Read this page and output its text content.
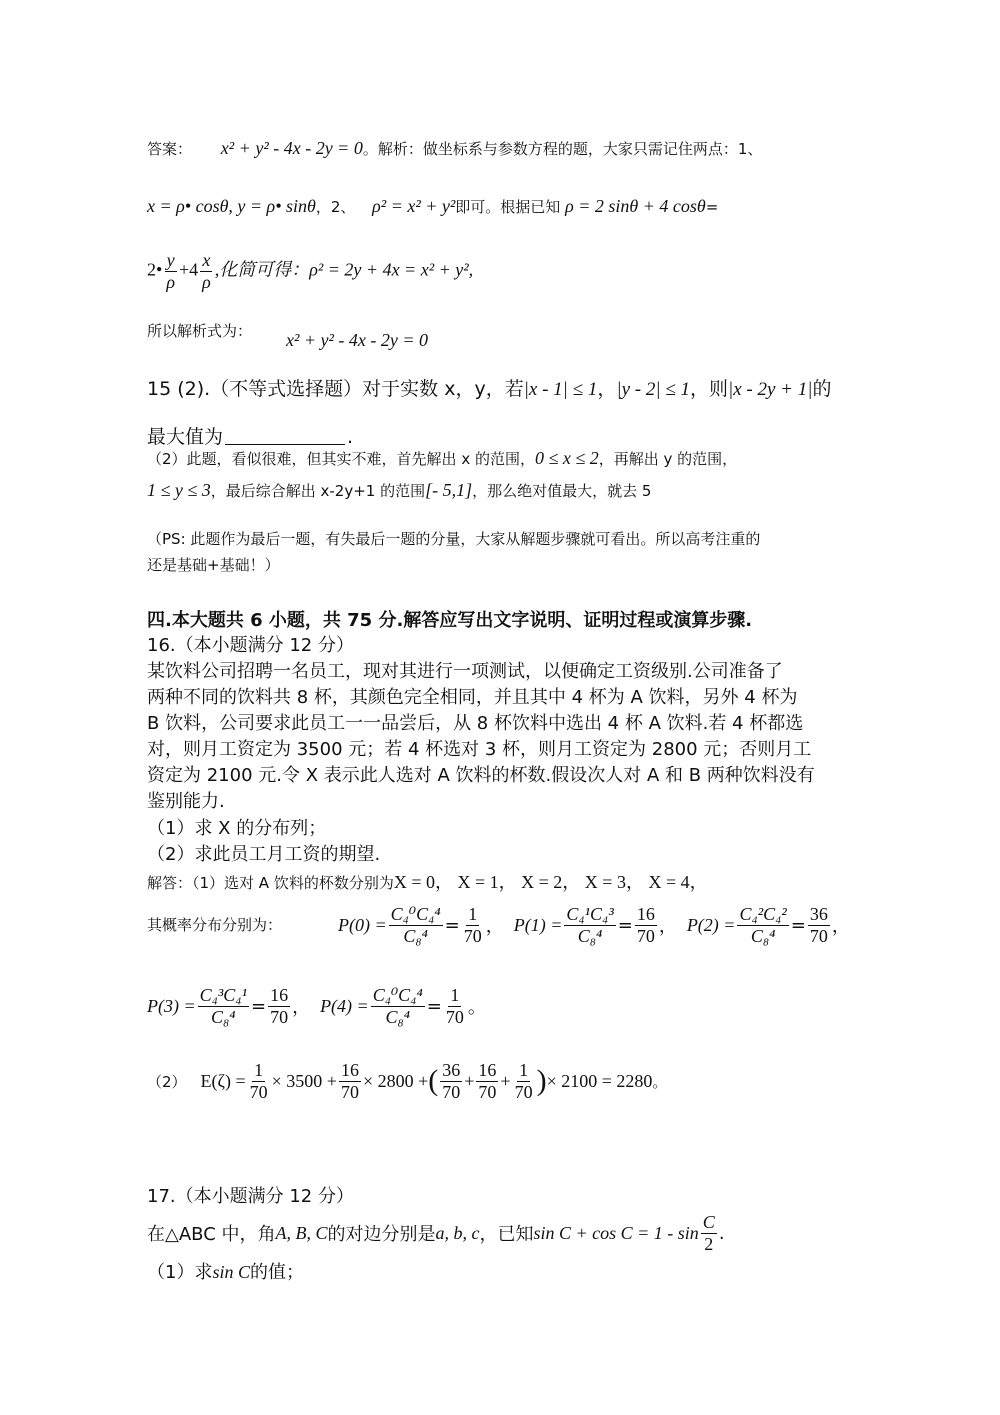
答案： x² + y² - 4x - 2y = 0。解析：做坐标系与参数方程的题，大家只需记住两点：1、
x = ρ• cosθ, y = ρ• sinθ，2、 ρ² = x² + y²即可。根据已知 ρ = 2 sinθ + 4 cosθ=
2• $\frac{y}{\rho} +4 \frac{x}{\rho}$ ,化简可得：ρ² = 2y + 4x = x² + y²,
所以解析式为： x² + y² - 4x - 2y = 0
15 (2).（不等式选择题）对于实数 x，y，若|x - 1| ≤ 1，|y - 2| ≤ 1，则|x - 2y + 1|的
最大值为	.
（2）此题，看似很难，但其实不难，首先解出 x 的范围，0 ≤ x ≤ 2，再解出 y 的范围，
1 ≤ y ≤ 3，最后综合解出 x-2y+1 的范围[- 5,1]，那么绝对值最大，就去 5
（PS: 此题作为最后一题，有失最后一题的分量，大家从解题步骤就可看出。所以高考注重的
还是基础+基础！）
四.本大题共 6 小题，共 75 分.解答应写出文字说明、证明过程或演算步骤.
16.（本小题满分 12 分）
某饮料公司招聘一名员工，现对其进行一项测试，以便确定工资级别.公司准备了
两种不同的饮料共 8 杯，其颜色完全相同，并且其中 4 杯为 A 饮料，另外 4 杯为
B 饮料，公司要求此员工一一品尝后，从 8 杯饮料中选出 4 杯 A 饮料.若 4 杯都选
对，则月工资定为 3500 元；若 4 杯选对 3 杯，则月工资定为 2800 元；否则月工
资定为 2100 元.令 X 表示此人选对 A 饮料的杯数.假设次人对 A 和 B 两种饮料没有
鉴别能力.
（1）求 X 的分布列；
（2）求此员工月工资的期望.
解答：（1）选对 A 饮料的杯数分别为X = 0， X = 1， X = 2， X = 3， X = 4，
其概率分布分别为：	$P(0) = \frac{\text{C₄⁰C₄⁴}}{\text{C₈⁴}} = \frac{1}{70}$ ， $P(1) = \frac{\text{C₄¹C₄³}}{\text{C₈⁴}} = \frac{16}{70}$ ， $P(2) = \frac{\text{C₄²C₄²}}{\text{C₈⁴}} = \frac{36}{70}$ ，
$P(3) = \frac{\text{C₄³C₄¹}}{\text{C₈⁴}} = \frac{16}{70}$ ， $P(4) = \frac{\text{C₄⁰C₄⁴}}{\text{C₈⁴}} = \frac{1}{70}$ 。
（2） $E(\zeta) = \frac{1}{70} \times 3500 + \frac{16}{70} \times 2800$ + ( 36
70
+ $\frac{16}{70} + \frac{1}{70}$ ) × 2100 = 2280 。
17.（本小题满分 12 分）
在△ABC 中，角 A, B, C 的对边分别是 a, b, c ，已知 sin C + cos C = 1 - sin
C
2 .
（1）求sin C的值；
